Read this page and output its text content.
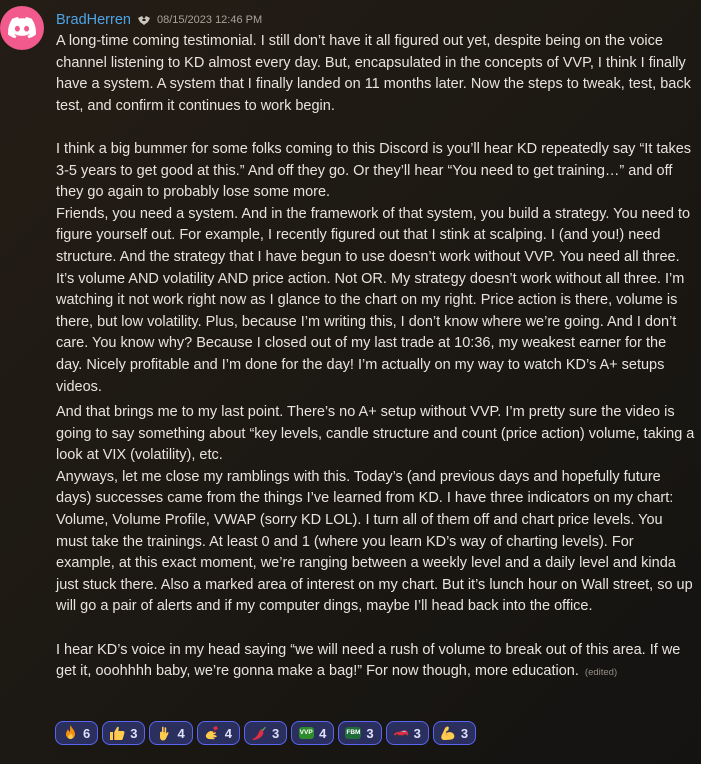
BradHerren 08/15/2023 12:46 PM

A long-time coming testimonial. I still don’t have it all figured out yet, despite being on the voice channel listening to KD almost every day. But, encapsulated in the concepts of VVP, I think I finally have a system. A system that I finally landed on 11 months later. Now the steps to tweak, test, back test, and confirm it continues to work begin.

I think a big bummer for some folks coming to this Discord is you’ll hear KD repeatedly say “It takes 3-5 years to get good at this.” And off they go. Or they’ll hear “You need to get training…” and off they go again to probably lose some more.

Friends, you need a system. And in the framework of that system, you build a strategy. You need to figure yourself out. For example, I recently figured out that I stink at scalping. I (and you!) need structure. And the strategy that I have begun to use doesn’t work without VVP. You need all three. It’s volume AND volatility AND price action. Not OR. My strategy doesn’t work without all three. I’m watching it not work right now as I glance to the chart on my right. Price action is there, volume is there, but low volatility. Plus, because I’m writing this, I don’t know where we’re going. And I don’t care. You know why? Because I closed out of my last trade at 10:36, my weakest earner for the day. Nicely profitable and I’m done for the day! I’m actually on my way to watch KD’s A+ setups videos.

And that brings me to my last point. There’s no A+ setup without VVP. I’m pretty sure the video is going to say something about “key levels, candle structure and count (price action) volume, taking a look at VIX (volatility), etc.

Anyways, let me close my ramblings with this. Today’s (and previous days and hopefully future days) successes came from the things I’ve learned from KD. I have three indicators on my chart: Volume, Volume Profile, VWAP (sorry KD LOL). I turn all of them off and chart price levels. You must take the trainings. At least 0 and 1 (where you learn KD’s way of charting levels). For example, at this exact moment, we’re ranging between a weekly level and a daily level and kinda just stuck there. Also a marked area of interest on my chart. But it’s lunch hour on Wall street, so up will go a pair of alerts and if my computer dings, maybe I’ll head back into the office.

I hear KD’s voice in my head saying “we will need a rush of volume to break out of this area. If we get it, ooohhhh baby, we’re gonna make a bag!” For now though, more education. (edited)

6	3	4	4	3	VVP 4	FBM 3	3	3
